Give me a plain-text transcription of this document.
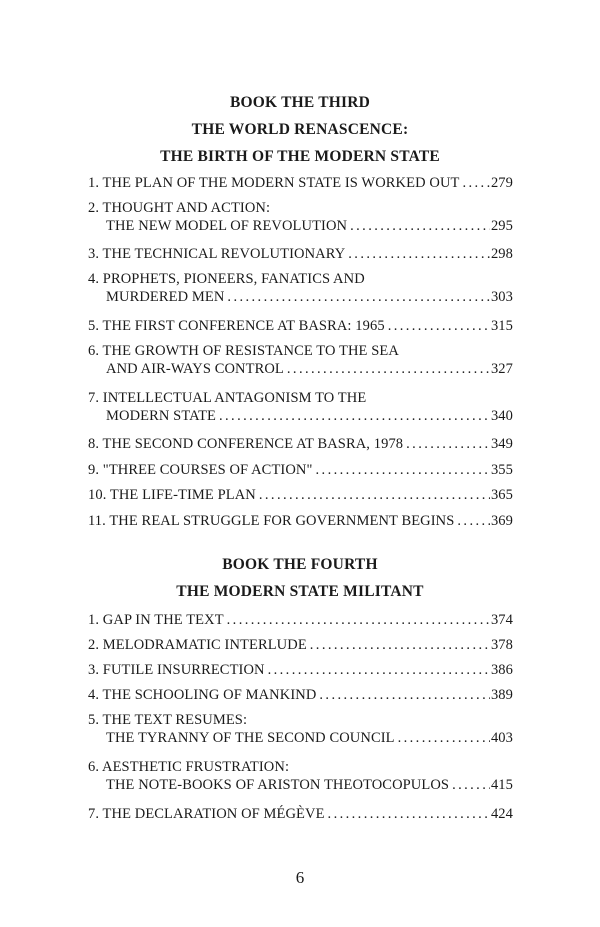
BOOK THE THIRD
THE WORLD RENASCENCE:
THE BIRTH OF THE MODERN STATE
1. THE PLAN OF THE MODERN STATE IS WORKED OUT ..... 279
2. THOUGHT AND ACTION:
THE NEW MODEL OF REVOLUTION .....	295
3. THE TECHNICAL REVOLUTIONARY .....	298
4. PROPHETS, PIONEERS, FANATICS AND
MURDERED MEN .....	303
5. THE FIRST CONFERENCE AT BASRA: 1965 .....	315
6. THE GROWTH OF RESISTANCE TO THE SEA
AND AIR-WAYS CONTROL .....	327
7. INTELLECTUAL ANTAGONISM TO THE
MODERN STATE .....	340
8. THE SECOND CONFERENCE AT BASRA, 1978 .....	349
9. "THREE COURSES OF ACTION" .....	355
10. THE LIFE-TIME PLAN .....	365
11. THE REAL STRUGGLE FOR GOVERNMENT BEGINS .....	369
BOOK THE FOURTH
THE MODERN STATE MILITANT
1. GAP IN THE TEXT .....	374
2. MELODRAMATIC INTERLUDE .....	378
3. FUTILE INSURRECTION .....	386
4. THE SCHOOLING OF MANKIND .....	389
5. THE TEXT RESUMES:
THE TYRANNY OF THE SECOND COUNCIL .....	403
6. AESTHETIC FRUSTRATION:
THE NOTE-BOOKS OF ARISTON THEOTOCOPULOS .....	415
7. THE DECLARATION OF MÉGÈVE .....	424
6
